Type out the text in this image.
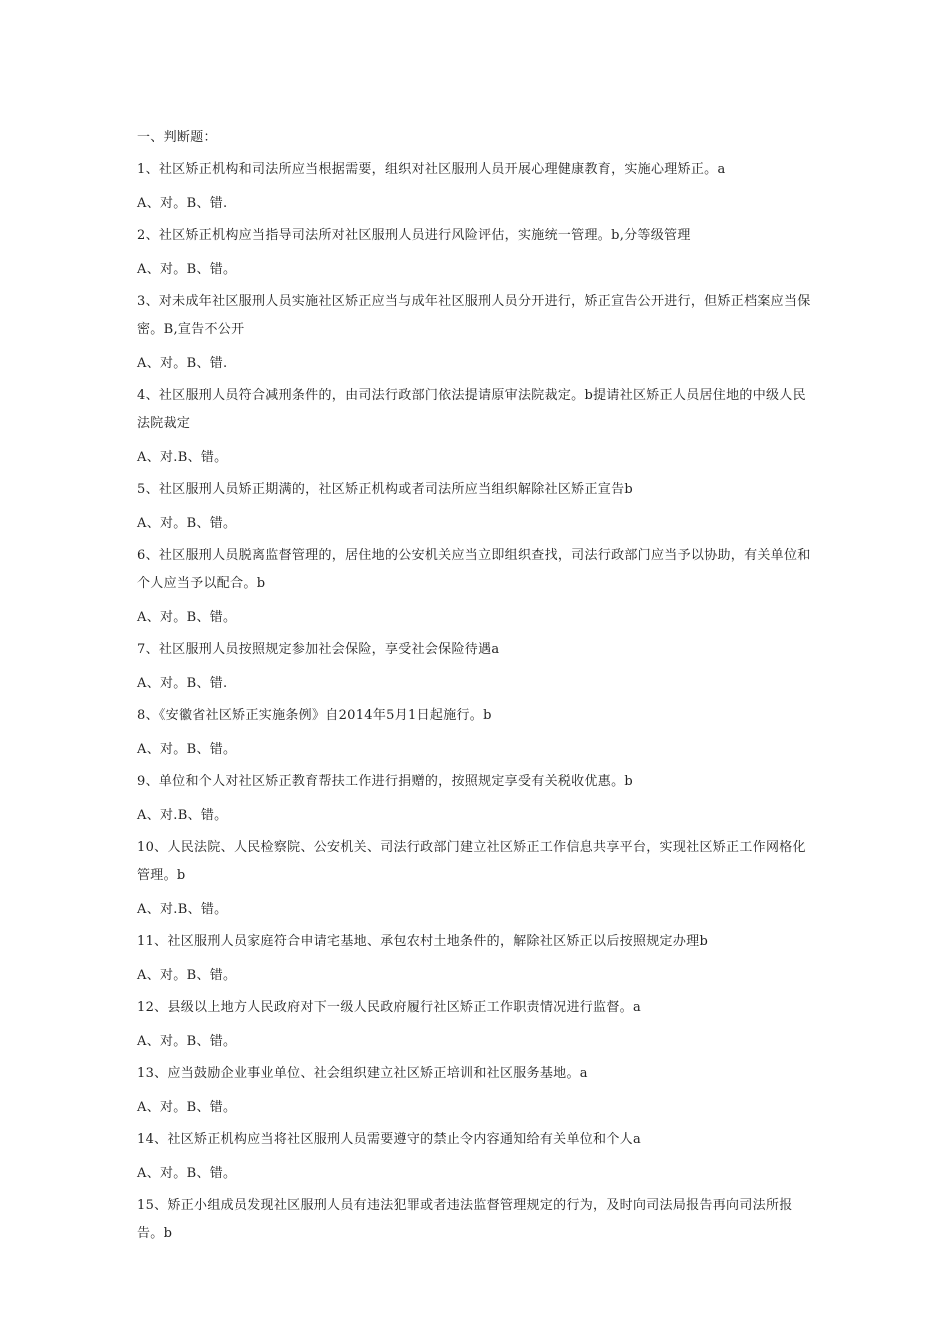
一、判断题：
1、社区矫正机构和司法所应当根据需要，组织对社区服刑人员开展心理健康教育，实施心理矫正。a
A、对。B、错.
2、社区矫正机构应当指导司法所对社区服刑人员进行风险评估，实施统一管理。b,分等级管理
A、对。B、错。
3、对未成年社区服刑人员实施社区矫正应当与成年社区服刑人员分开进行，矫正宣告公开进行，但矫正档案应当保密。B,宣告不公开
A、对。B、错.
4、社区服刑人员符合减刑条件的，由司法行政部门依法提请原审法院裁定。b提请社区矫正人员居住地的中级人民法院裁定
A、对.B、错。
5、社区服刑人员矫正期满的，社区矫正机构或者司法所应当组织解除社区矫正宣告b
A、对。B、错。
6、社区服刑人员脱离监督管理的，居住地的公安机关应当立即组织查找，司法行政部门应当予以协助，有关单位和个人应当予以配合。b
A、对。B、错。
7、社区服刑人员按照规定参加社会保险，享受社会保险待遇a
A、对。B、错.
8、《安徽省社区矫正实施条例》自2014年5月1日起施行。b
A、对。B、错。
9、单位和个人对社区矫正教育帮扶工作进行捐赠的，按照规定享受有关税收优惠。b
A、对.B、错。
10、人民法院、人民检察院、公安机关、司法行政部门建立社区矫正工作信息共享平台，实现社区矫正工作网格化管理。b
A、对.B、错。
11、社区服刑人员家庭符合申请宅基地、承包农村土地条件的，解除社区矫正以后按照规定办理b
A、对。B、错。
12、县级以上地方人民政府对下一级人民政府履行社区矫正工作职责情况进行监督。a
A、对。B、错。
13、应当鼓励企业事业单位、社会组织建立社区矫正培训和社区服务基地。a
A、对。B、错。
14、社区矫正机构应当将社区服刑人员需要遵守的禁止令内容通知给有关单位和个人a
A、对。B、错。
15、矫正小组成员发现社区服刑人员有违法犯罪或者违法监督管理规定的行为，及时向司法局报告再向司法所报告。b
